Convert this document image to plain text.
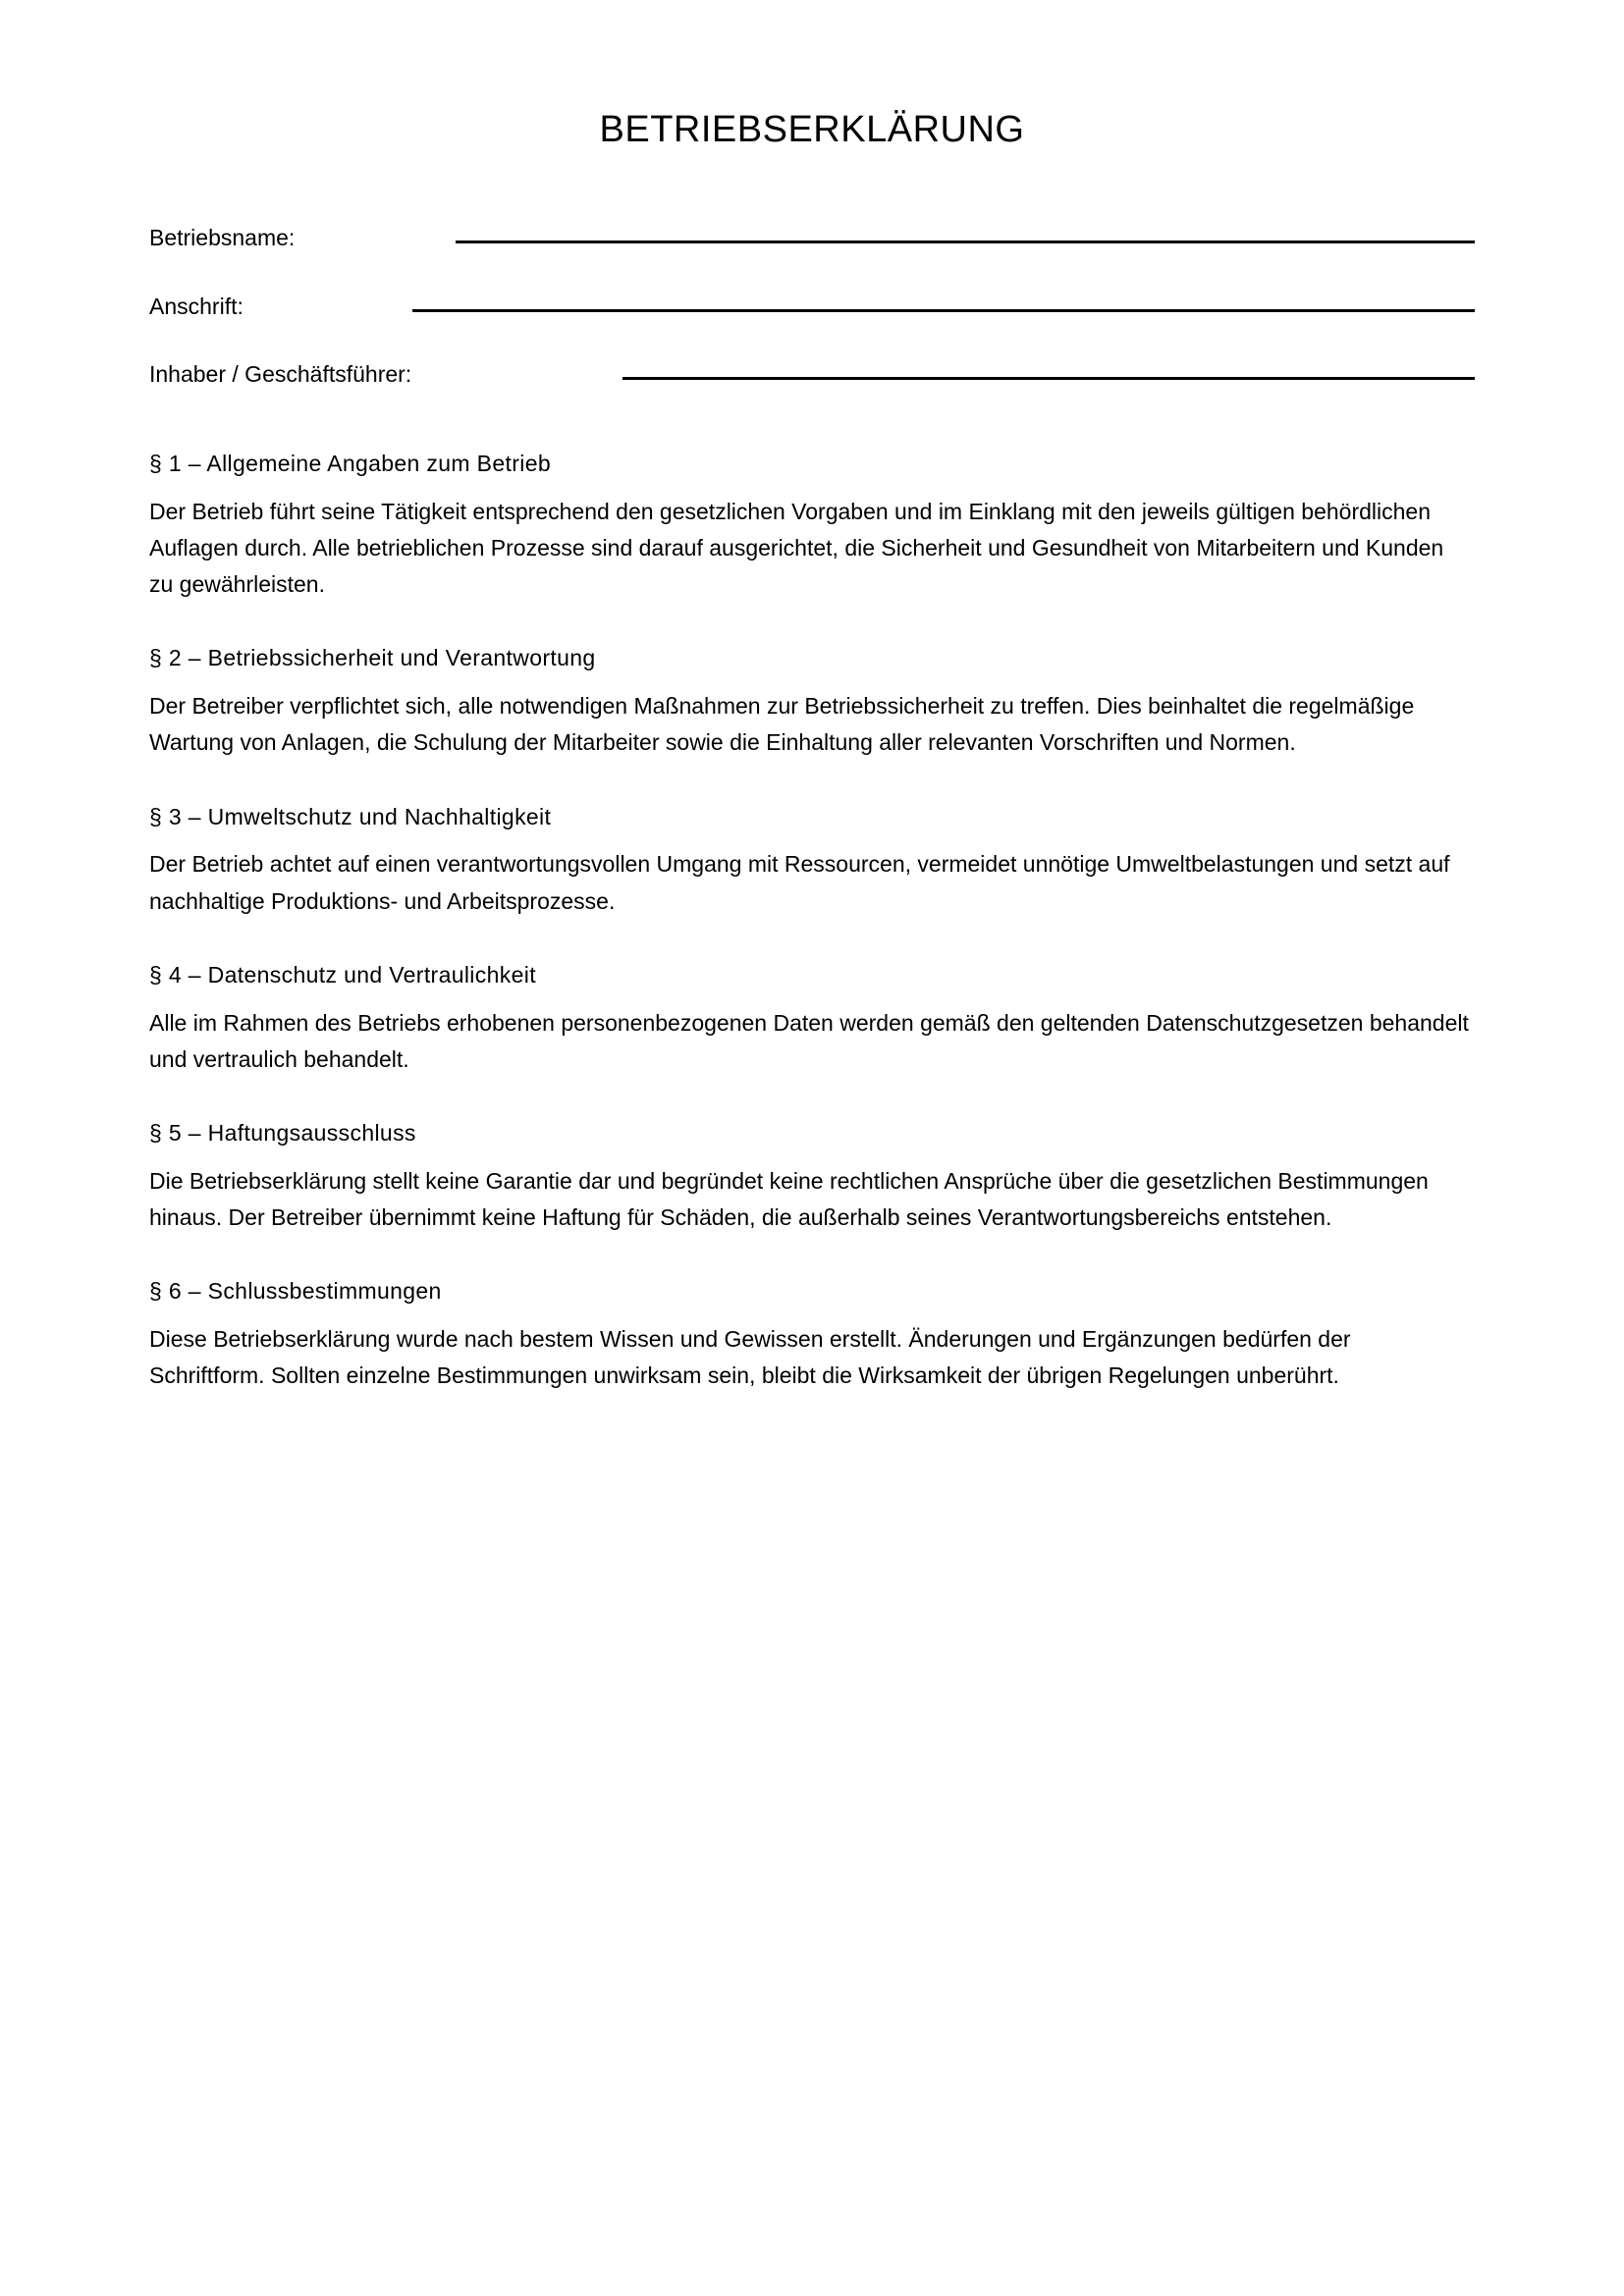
BETRIEBSERKLÄRUNG
Betriebsname:
Anschrift:
Inhaber / Geschäftsführer:
§ 1 – Allgemeine Angaben zum Betrieb

Der Betrieb führt seine Tätigkeit entsprechend den gesetzlichen Vorgaben und im Einklang mit den jeweils gültigen behördlichen Auflagen durch. Alle betrieblichen Prozesse sind darauf ausgerichtet, die Sicherheit und Gesundheit von Mitarbeitern und Kunden zu gewährleisten.

§ 2 – Betriebssicherheit und Verantwortung

Der Betreiber verpflichtet sich, alle notwendigen Maßnahmen zur Betriebssicherheit zu treffen. Dies beinhaltet die regelmäßige Wartung von Anlagen, die Schulung der Mitarbeiter sowie die Einhaltung aller relevanten Vorschriften und Normen.

§ 3 – Umweltschutz und Nachhaltigkeit

Der Betrieb achtet auf einen verantwortungsvollen Umgang mit Ressourcen, vermeidet unnötige Umweltbelastungen und setzt auf nachhaltige Produktions- und Arbeitsprozesse.

§ 4 – Datenschutz und Vertraulichkeit

Alle im Rahmen des Betriebs erhobenen personenbezogenen Daten werden gemäß den geltenden Datenschutzgesetzen behandelt und vertraulich behandelt.

§ 5 – Haftungsausschluss

Die Betriebserklärung stellt keine Garantie dar und begründet keine rechtlichen Ansprüche über die gesetzlichen Bestimmungen hinaus. Der Betreiber übernimmt keine Haftung für Schäden, die außerhalb seines Verantwortungsbereichs entstehen.

§ 6 – Schlussbestimmungen

Diese Betriebserklärung wurde nach bestem Wissen und Gewissen erstellt. Änderungen und Ergänzungen bedürfen der Schriftform. Sollten einzelne Bestimmungen unwirksam sein, bleibt die Wirksamkeit der übrigen Regelungen unberührt.
